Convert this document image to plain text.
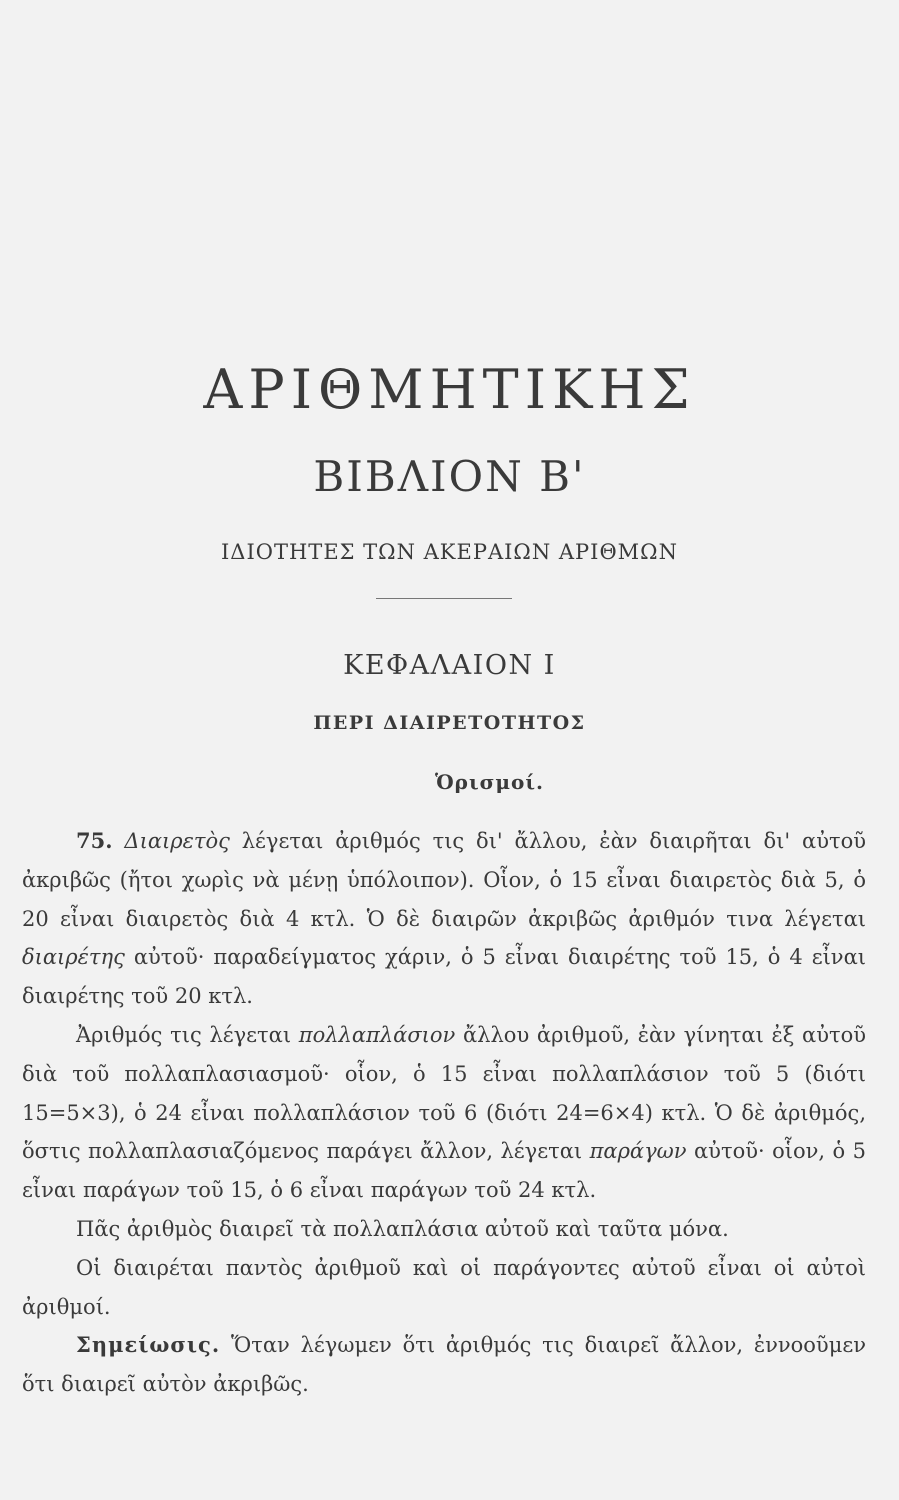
ΑΡΙΘΜΗΤΙΚΗΣ
ΒΙΒΛΙΟΝ Β'
ΙΔΙΟΤΗΤΕΣ ΤΩΝ ΑΚΕΡΑΙΩΝ ΑΡΙΘΜΩΝ
ΚΕΦΑΛΑΙΟΝ Ι
ΠΕΡΙ ΔΙΑΙΡΕΤΟΤΗΤΟΣ
Ὁρισμοί.

75. Διαιρετὸς λέγεται ἀριθμός τις δι' ἄλλου, ἐὰν διαιρῆται δι' αὐτοῦ ἀκριβῶς (ἤτοι χωρὶς νὰ μένῃ ὑπόλοιπον). Οἷον, ὁ 15 εἶναι διαιρετὸς διὰ 5, ὁ 20 εἶναι διαιρετὸς διὰ 4 κτλ. Ὁ δὲ διαιρῶν ἀκριβῶς ἀριθμόν τινα λέγεται διαιρέτης αὐτοῦ· παραδείγματος χάριν, ὁ 5 εἶναι διαιρέτης τοῦ 15, ὁ 4 εἶναι διαιρέτης τοῦ 20 κτλ.

Ἀριθμός τις λέγεται πολλαπλάσιον ἄλλου ἀριθμοῦ, ἐὰν γίνηται ἐξ αὐτοῦ διὰ τοῦ πολλαπλασιασμοῦ· οἷον, ὁ 15 εἶναι πολλαπλάσιον τοῦ 5 (διότι 15=5×3), ὁ 24 εἶναι πολλαπλάσιον τοῦ 6 (διότι 24=6×4) κτλ. Ὁ δὲ ἀριθμός, ὅστις πολλαπλασιαζόμενος παράγει ἄλλον, λέγεται παράγων αὐτοῦ· οἷον, ὁ 5 εἶναι παράγων τοῦ 15, ὁ 6 εἶναι παράγων τοῦ 24 κτλ.

Πᾶς ἀριθμὸς διαιρεῖ τὰ πολλαπλάσια αὐτοῦ καὶ ταῦτα μόνα.

Οἱ διαιρέται παντὸς ἀριθμοῦ καὶ οἱ παράγοντες αὐτοῦ εἶναι οἱ αὐτοὶ ἀριθμοί.

Σημείωσις. Ὅταν λέγωμεν ὅτι ἀριθμός τις διαιρεῖ ἄλλον, ἐννοοῦμεν ὅτι διαιρεῖ αὐτὸν ἀκριβῶς.
